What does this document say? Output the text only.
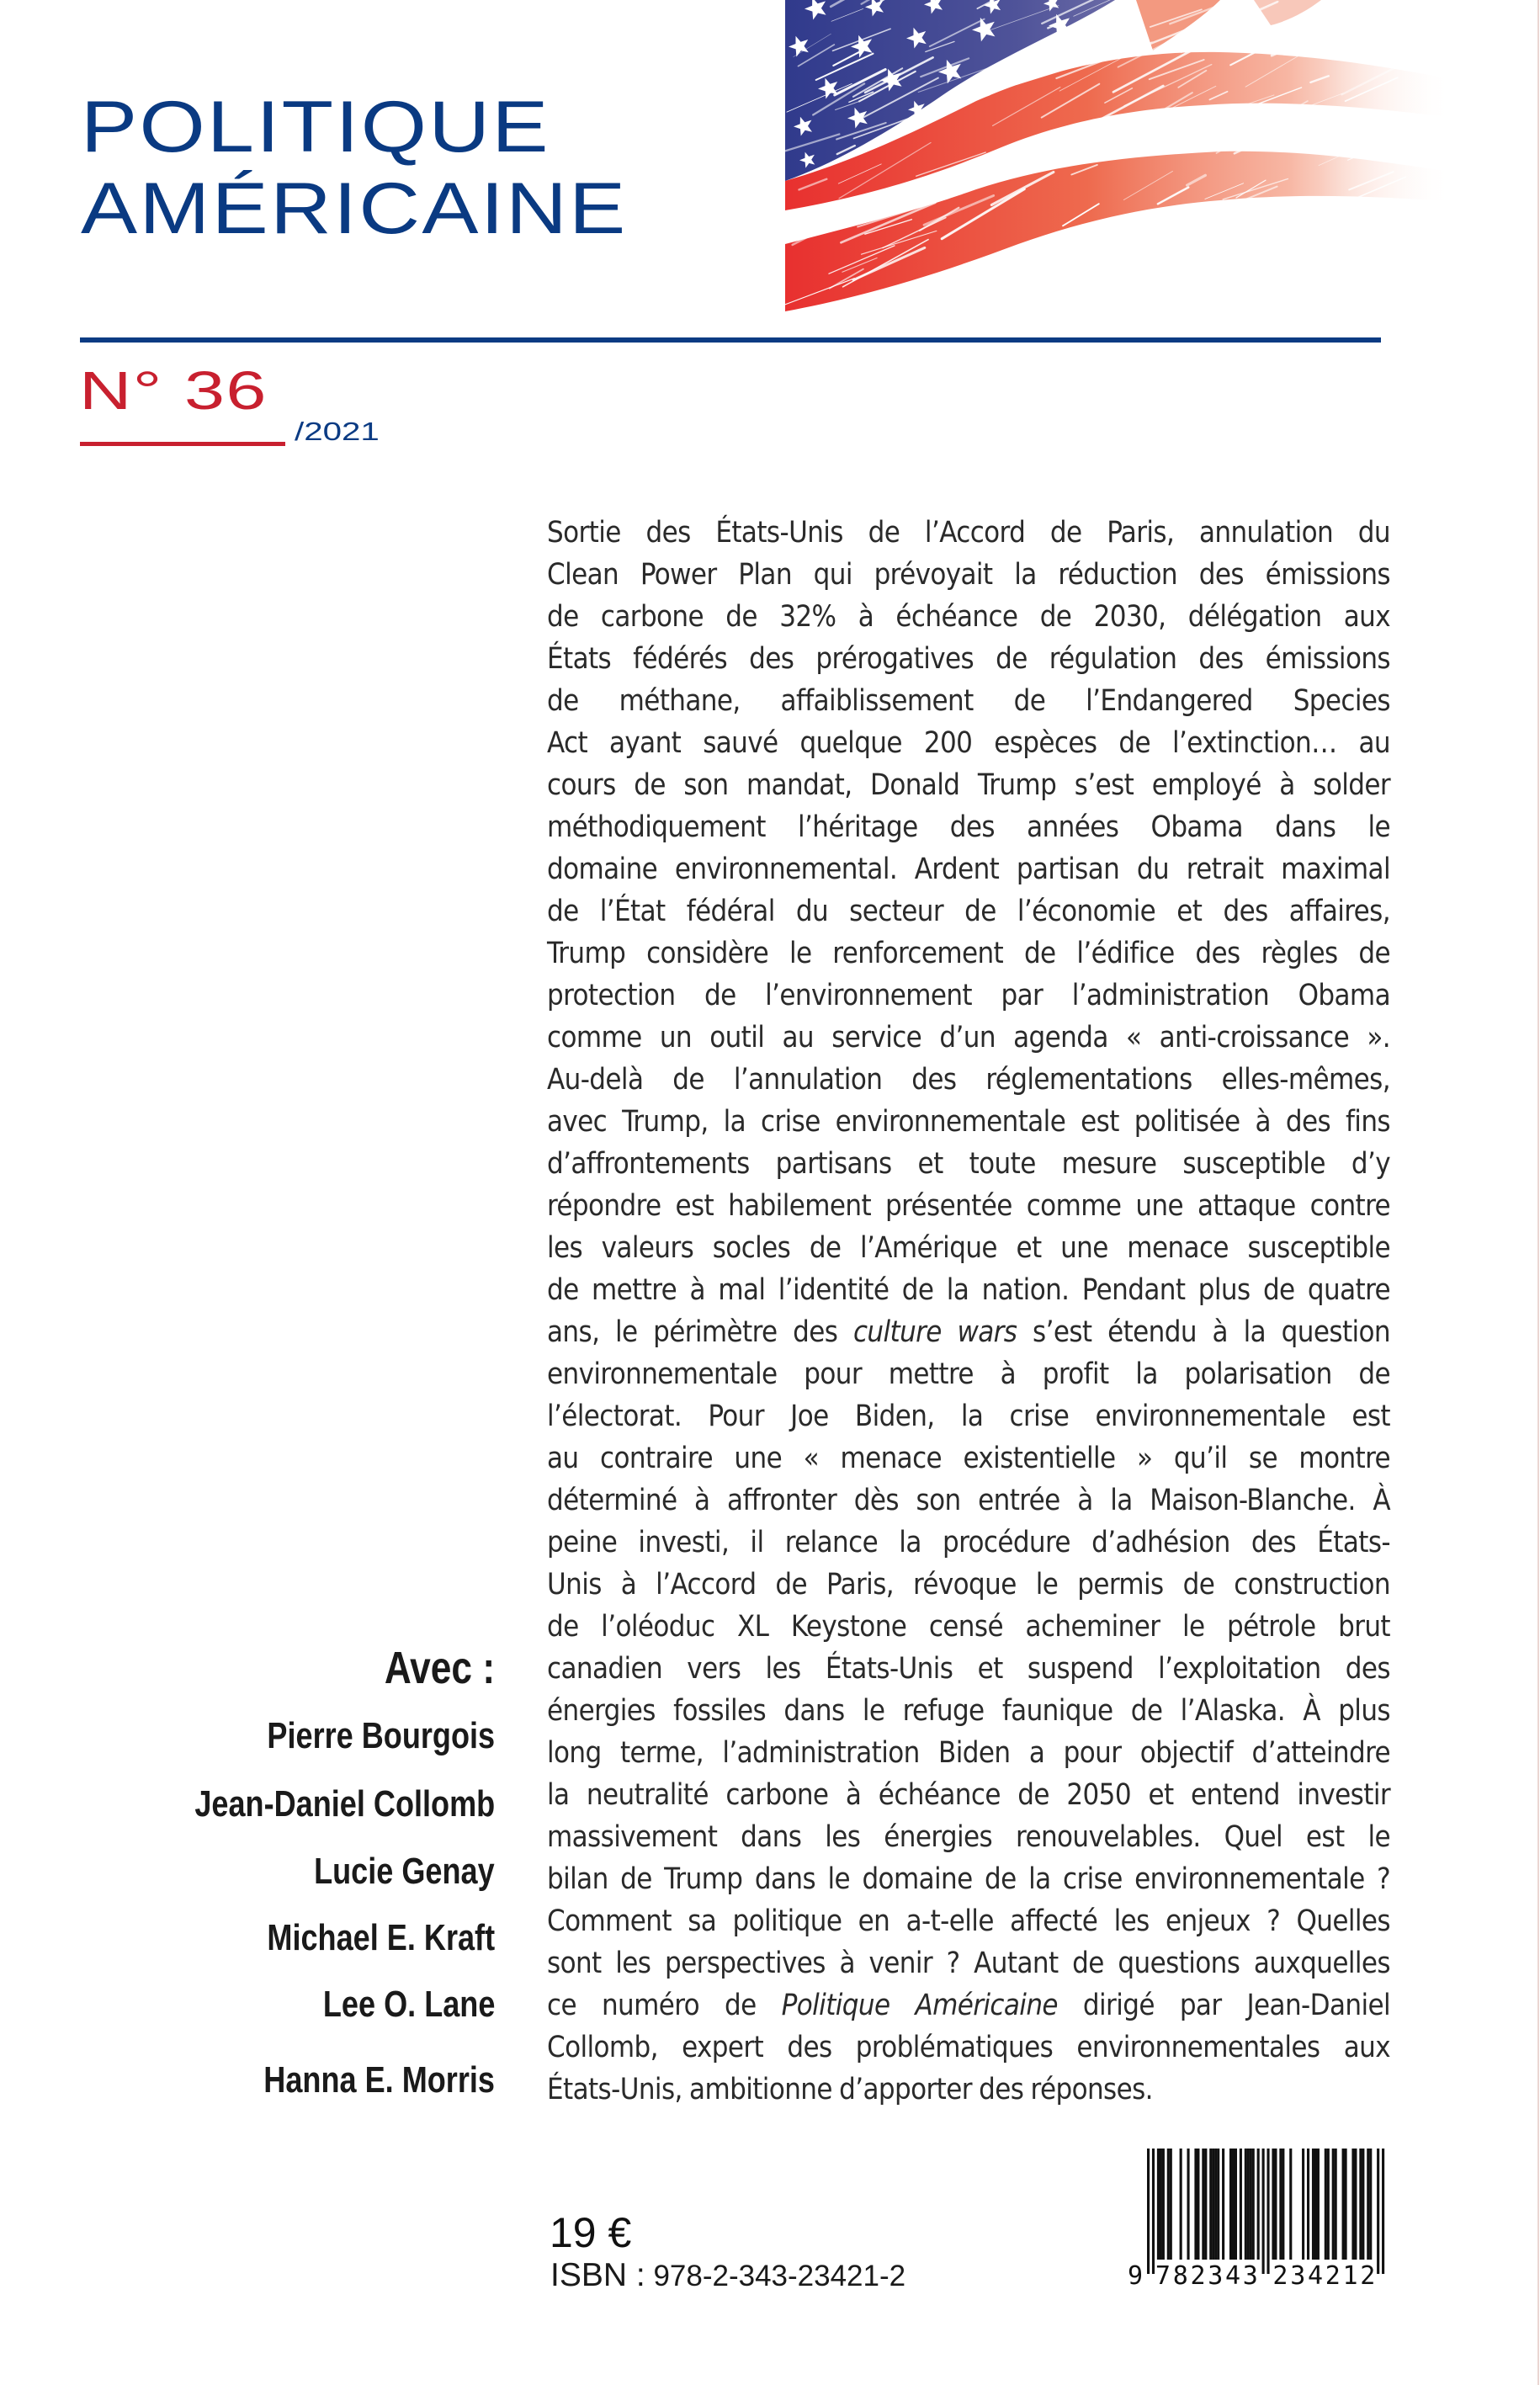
POLITIQUE
AMÉRICAINE
N° 36
/2021
Sortie des États-Unis de l’Accord de Paris, annulation du
Clean Power Plan qui prévoyait la réduction des émissions
de carbone de 32% à échéance de 2030, délégation aux
États fédérés des prérogatives de régulation des émissions
de méthane, affaiblissement de l’Endangered Species
Act ayant sauvé quelque 200 espèces de l’extinction… au
cours de son mandat, Donald Trump s’est employé à solder
méthodiquement l’héritage des années Obama dans le
domaine environnemental. Ardent partisan du retrait maximal
de l’État fédéral du secteur de l’économie et des affaires,
Trump considère le renforcement de l’édifice des règles de
protection de l’environnement par l’administration Obama
comme un outil au service d’un agenda « anti-croissance ».
Au-delà de l’annulation des réglementations elles-mêmes,
avec Trump, la crise environnementale est politisée à des fins
d’affrontements partisans et toute mesure susceptible d’y
répondre est habilement présentée comme une attaque contre
les valeurs socles de l’Amérique et une menace susceptible
de mettre à mal l’identité de la nation. Pendant plus de quatre
ans, le périmètre des culture wars s’est étendu à la question
environnementale pour mettre à profit la polarisation de
l’électorat. Pour Joe Biden, la crise environnementale est
au contraire une « menace existentielle » qu’il se montre
déterminé à affronter dès son entrée à la Maison-Blanche. À
peine investi, il relance la procédure d’adhésion des États-
Unis à l’Accord de Paris, révoque le permis de construction
de l’oléoduc XL Keystone censé acheminer le pétrole brut
canadien vers les États-Unis et suspend l’exploitation des
énergies fossiles dans le refuge faunique de l’Alaska. À plus
long terme, l’administration Biden a pour objectif d’atteindre
la neutralité carbone à échéance de 2050 et entend investir
massivement dans les énergies renouvelables. Quel est le
bilan de Trump dans le domaine de la crise environnementale ?
Comment sa politique en a-t-elle affecté les enjeux ? Quelles
sont les perspectives à venir ? Autant de questions auxquelles
ce numéro de Politique Américaine dirigé par Jean-Daniel
Collomb, expert des problématiques environnementales aux
États-Unis, ambitionne d’apporter des réponses.
Avec :
Pierre Bourgois
Jean-Daniel Collomb
Lucie Genay
Michael E. Kraft
Lee O. Lane
Hanna E. Morris
19 €
ISBN : 978-2-343-23421-2	9 7 8 2 3 4 3 2 3 4 2 1 2
